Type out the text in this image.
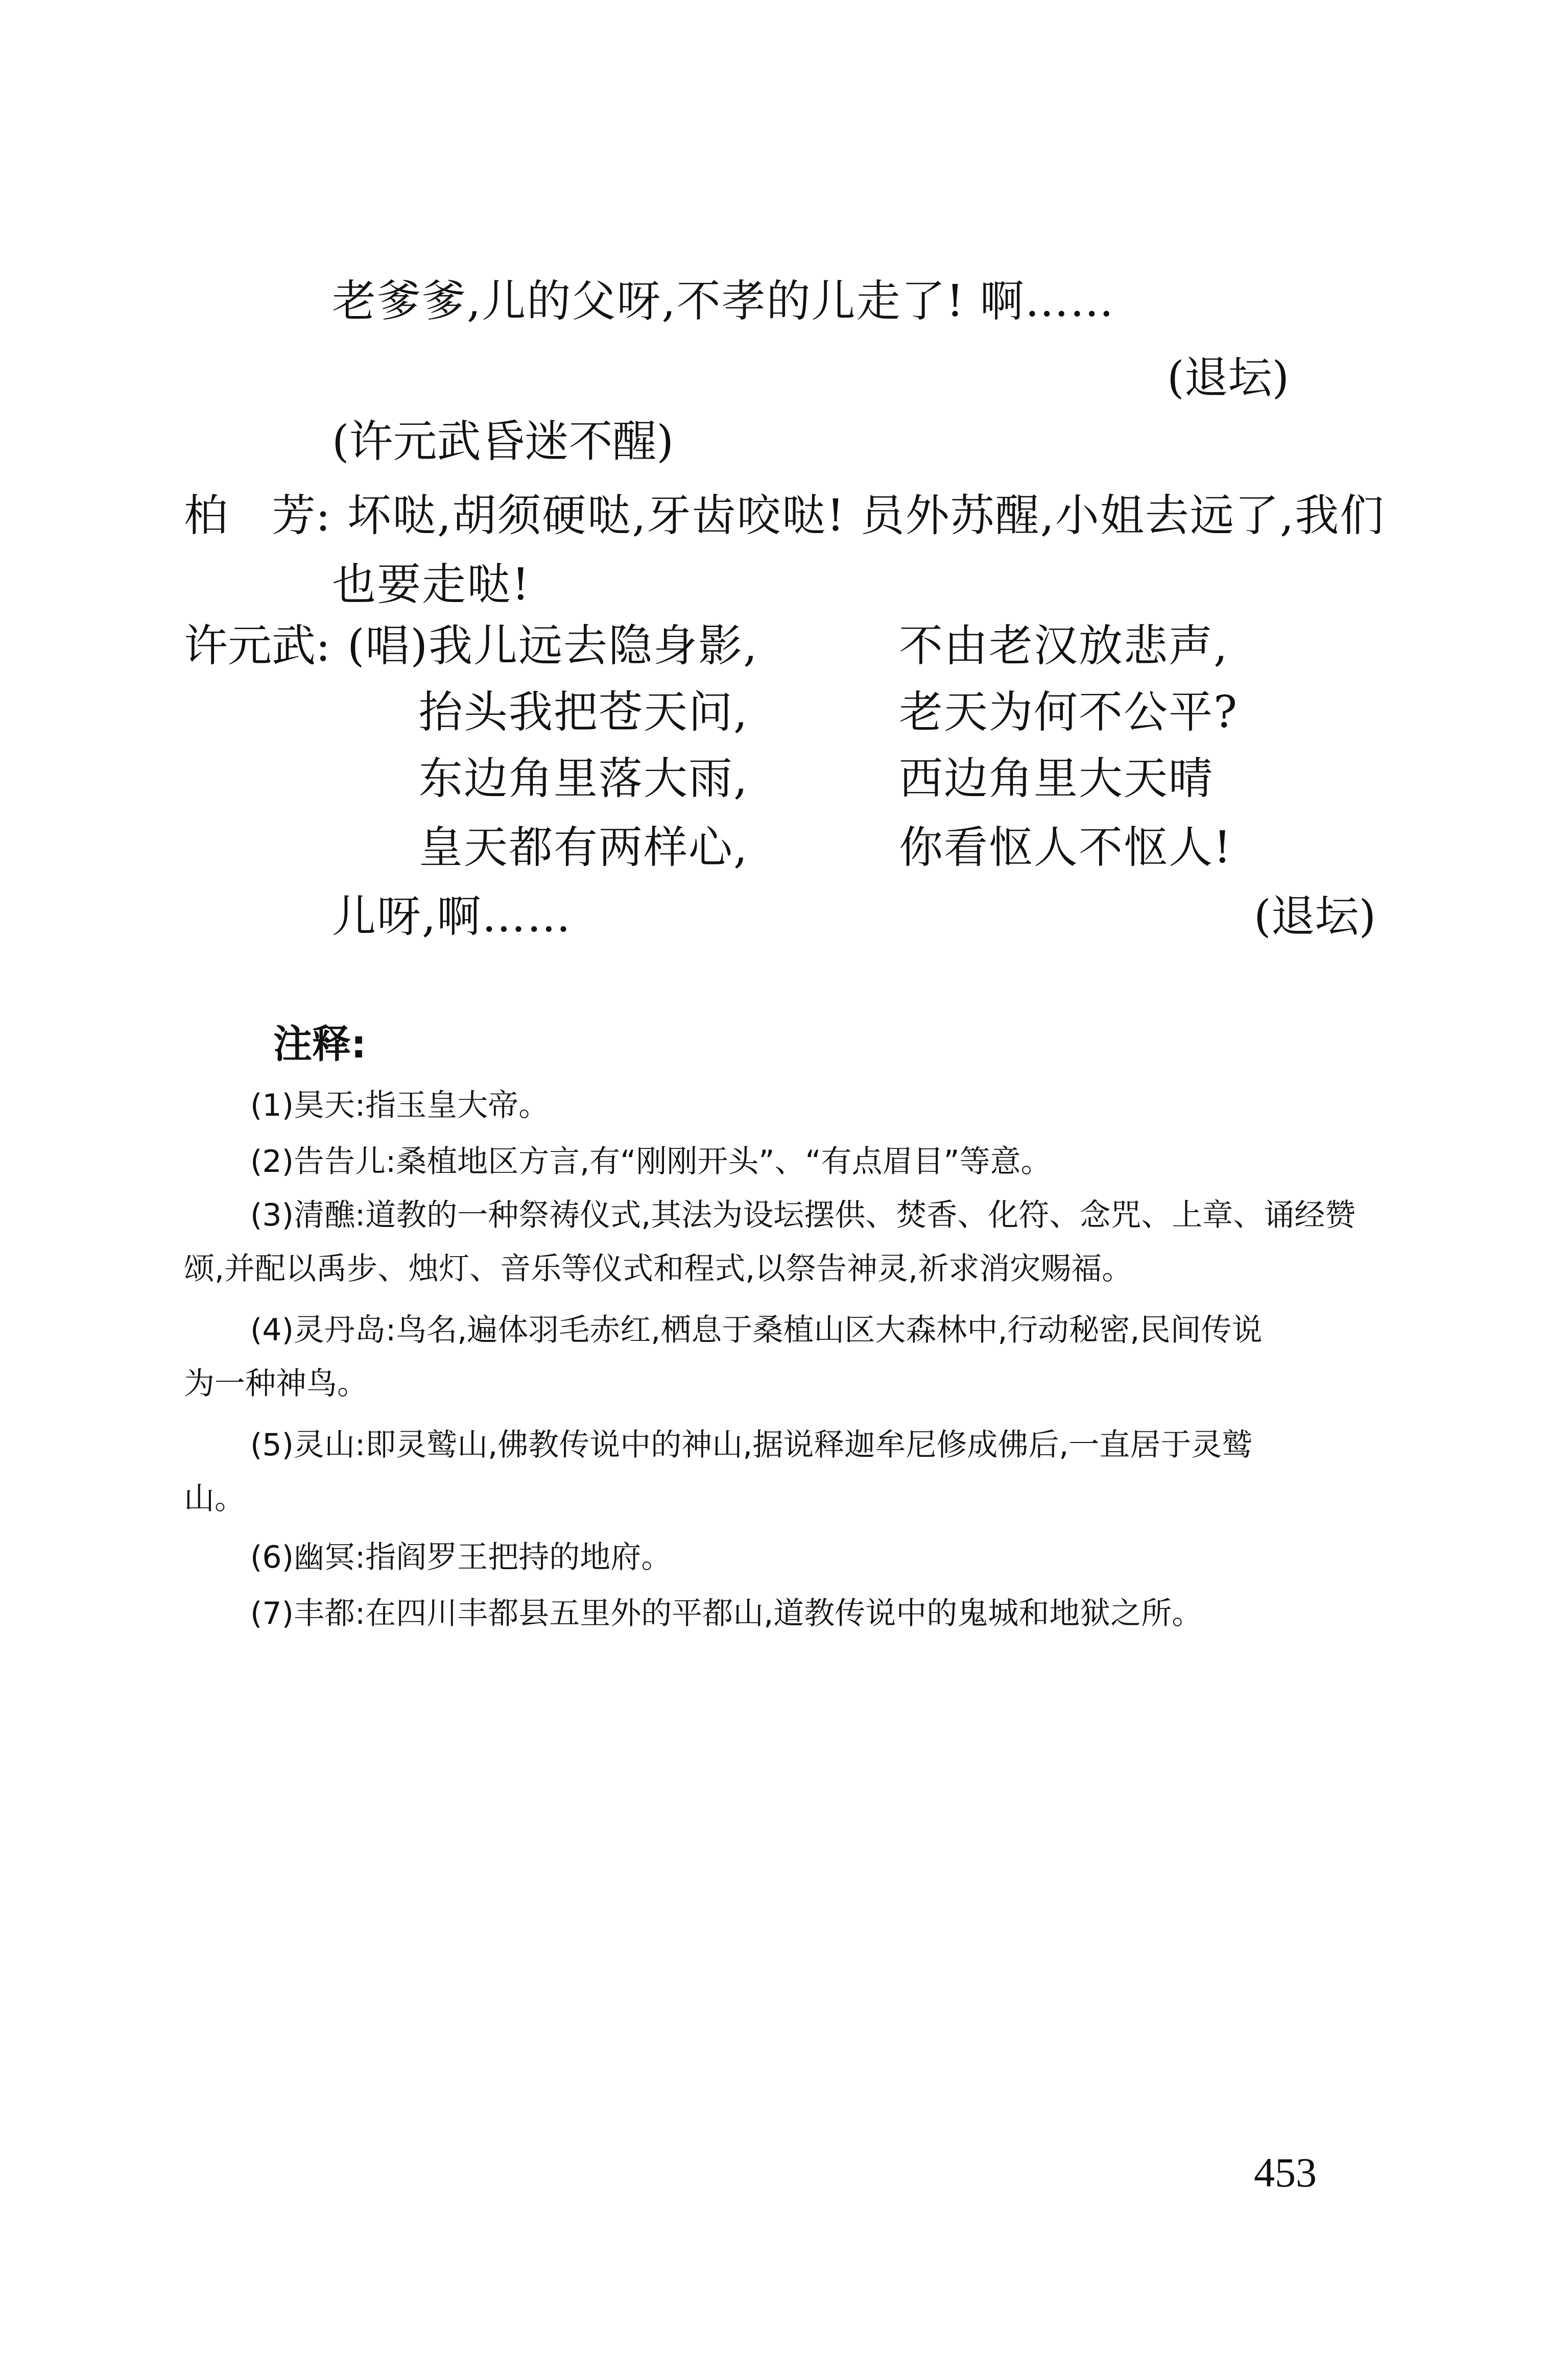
老爹爹,儿的父呀,不孝的儿走了! 啊……
(退坛)
(许元武昏迷不醒)
柏　芳: 坏哒,胡须硬哒,牙齿咬哒! 员外苏醒,小姐去远了,我们
也要走哒!
许元武: (唱)我儿远去隐身影,	不由老汉放悲声,
抬头我把苍天问,	老天为何不公平?
东边角里落大雨,	西边角里大天晴
皇天都有两样心,	你看怄人不怄人!
儿呀,啊……	(退坛)
注释:
(1)昊天:指玉皇大帝。
(2)告告儿:桑植地区方言,有“刚刚开头”、“有点眉目”等意。
(3)清醮:道教的一种祭祷仪式,其法为设坛摆供、焚香、化符、念咒、上章、诵经赞
颂,并配以禹步、烛灯、音乐等仪式和程式,以祭告神灵,祈求消灾赐福。
(4)灵丹岛:鸟名,遍体羽毛赤红,栖息于桑植山区大森林中,行动秘密,民间传说
为一种神鸟。
(5)灵山:即灵鹫山,佛教传说中的神山,据说释迦牟尼修成佛后,一直居于灵鹫
山。
(6)幽冥:指阎罗王把持的地府。
(7)丰都:在四川丰都县五里外的平都山,道教传说中的鬼城和地狱之所。
453
